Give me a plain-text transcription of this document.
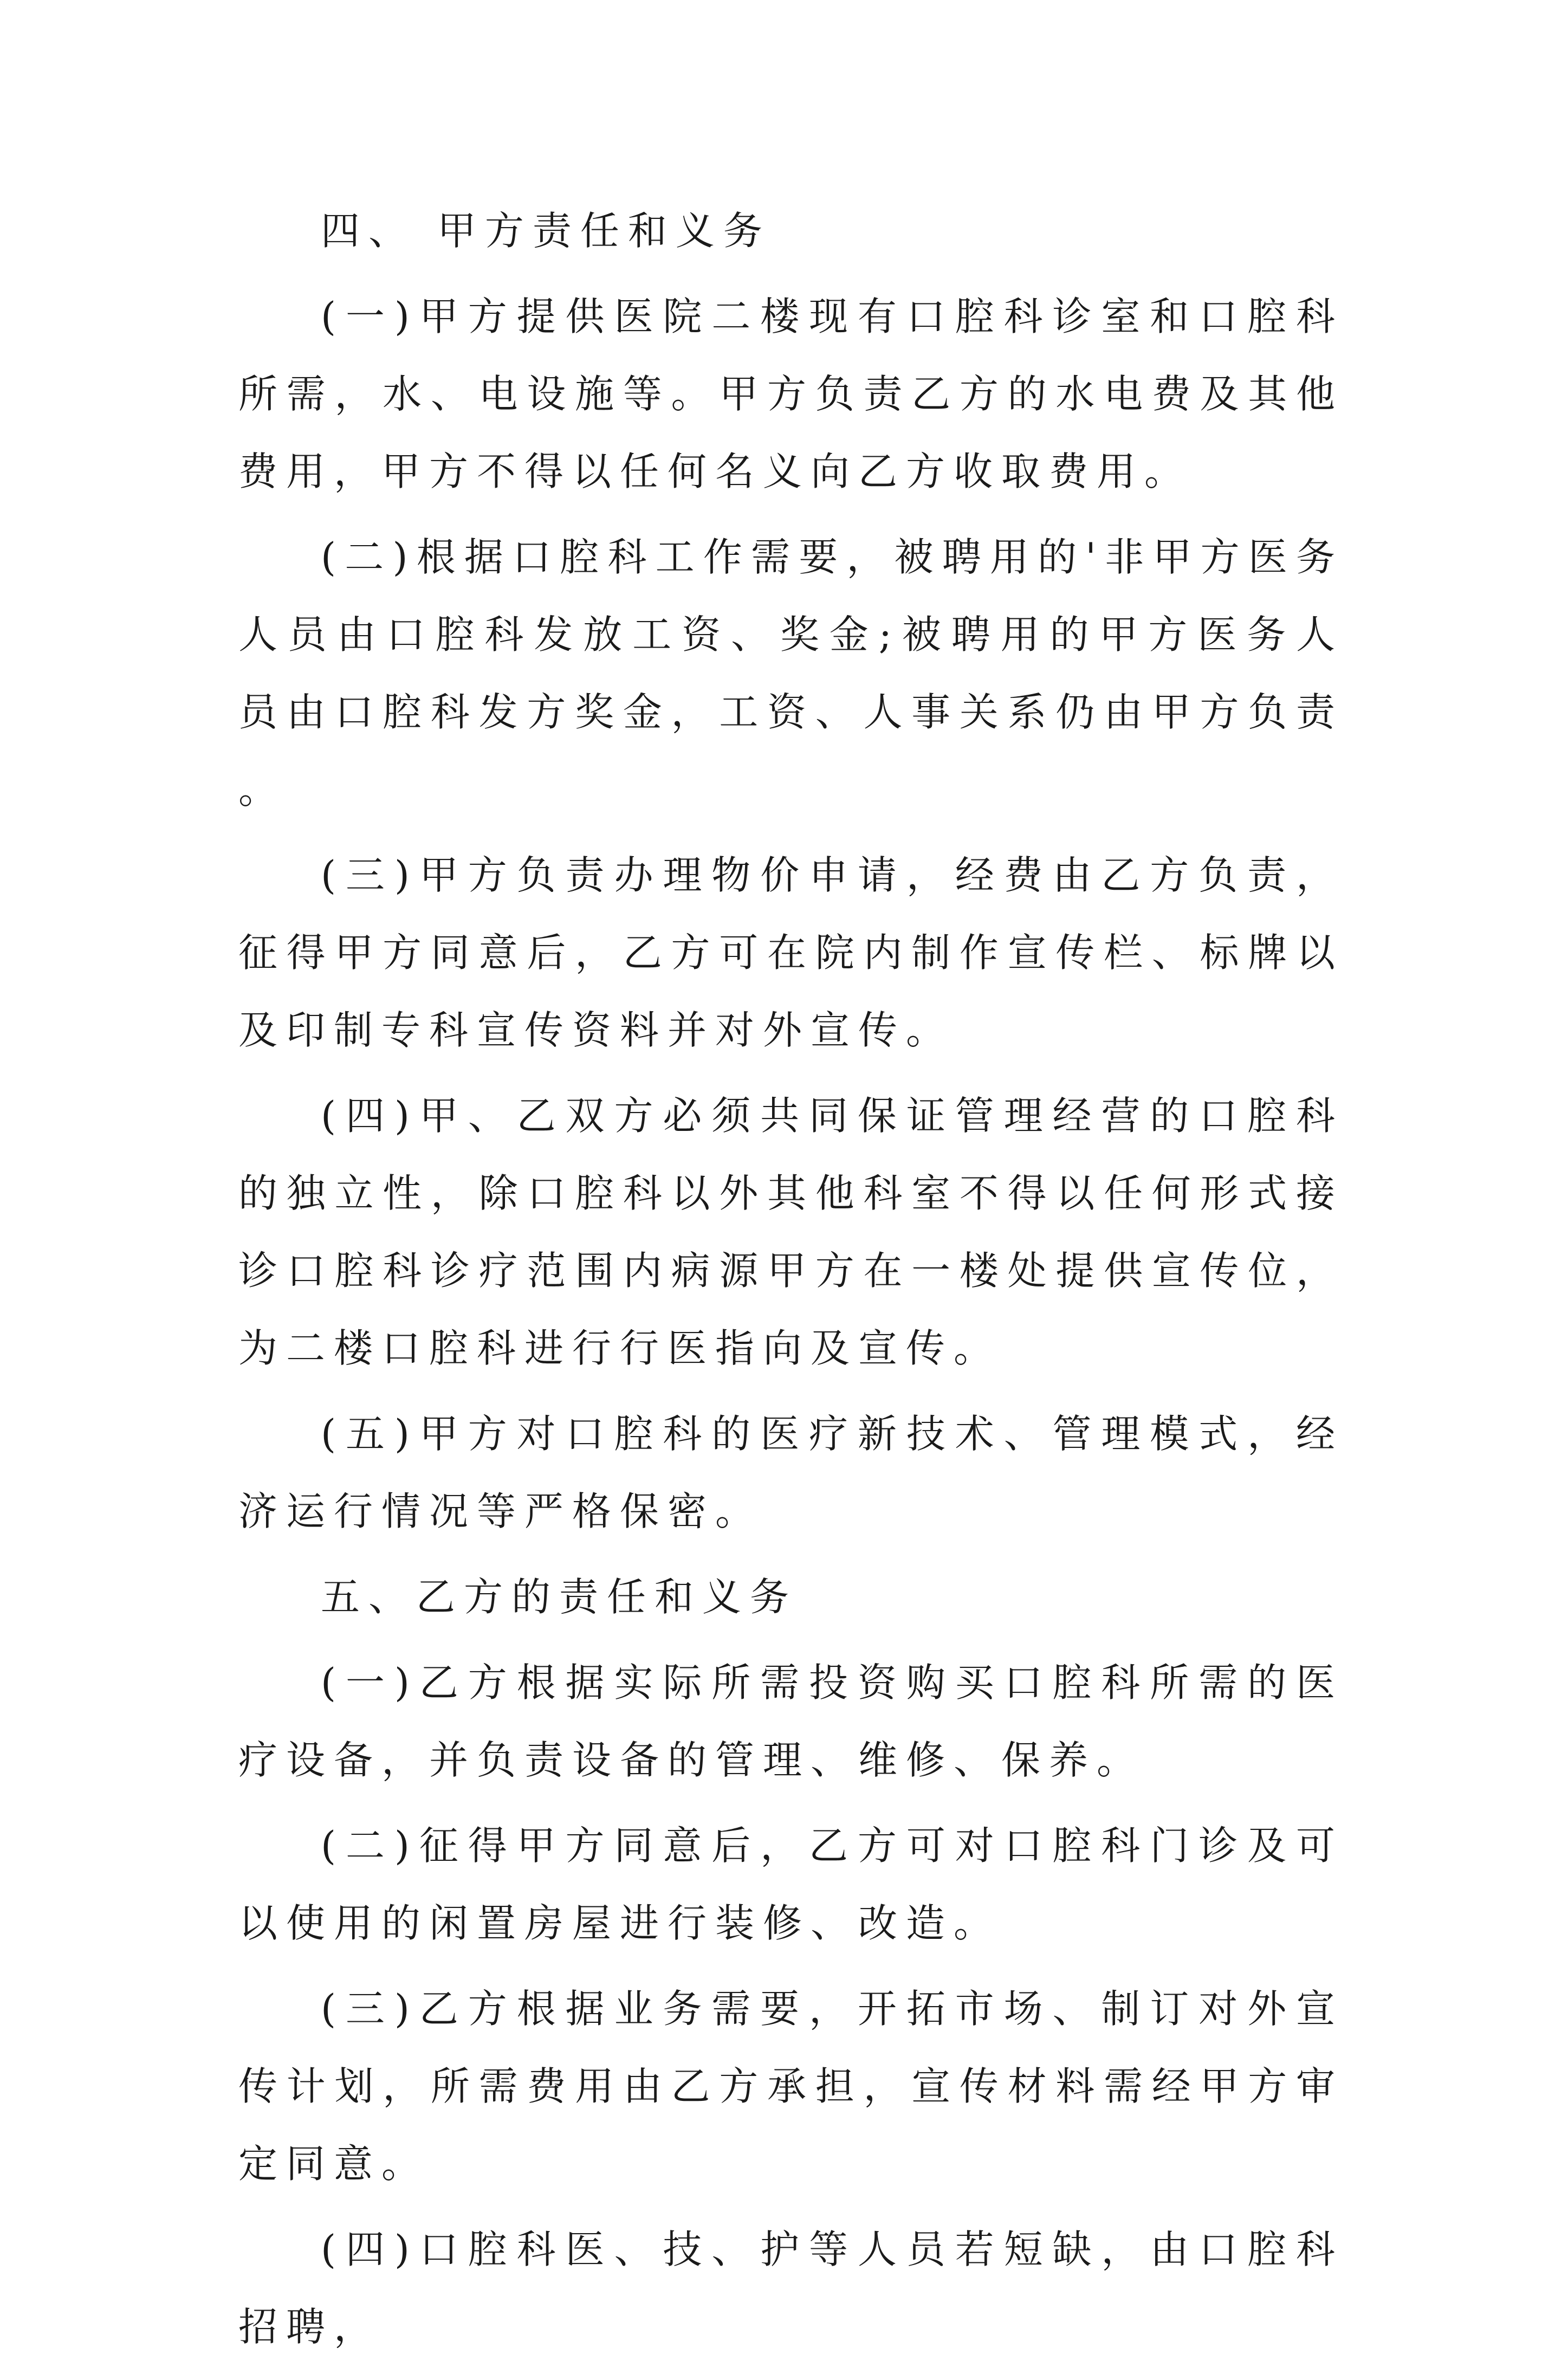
四、 甲方责任和义务

(一)甲方提供医院二楼现有口腔科诊室和口腔科所需，水、电设施等。甲方负责乙方的水电费及其他费用，甲方不得以任何名义向乙方收取费用。

(二)根据口腔科工作需要，被聘用的'非甲方医务人员由口腔科发放工资、奖金;被聘用的甲方医务人员由口腔科发方奖金，工资、人事关系仍由甲方负责。

(三)甲方负责办理物价申请，经费由乙方负责，征得甲方同意后，乙方可在院内制作宣传栏、标牌以及印制专科宣传资料并对外宣传。

(四)甲、乙双方必须共同保证管理经营的口腔科的独立性，除口腔科以外其他科室不得以任何形式接诊口腔科诊疗范围内病源甲方在一楼处提供宣传位，为二楼口腔科进行行医指向及宣传。

(五)甲方对口腔科的医疗新技术、管理模式，经济运行情况等严格保密。

五、乙方的责任和义务

(一)乙方根据实际所需投资购买口腔科所需的医疗设备，并负责设备的管理、维修、保养。

(二)征得甲方同意后，乙方可对口腔科门诊及可以使用的闲置房屋进行装修、改造。

(三)乙方根据业务需要，开拓市场、制订对外宣传计划，所需费用由乙方承担，宣传材料需经甲方审定同意。

(四)口腔科医、技、护等人员若短缺，由口腔科招聘，
